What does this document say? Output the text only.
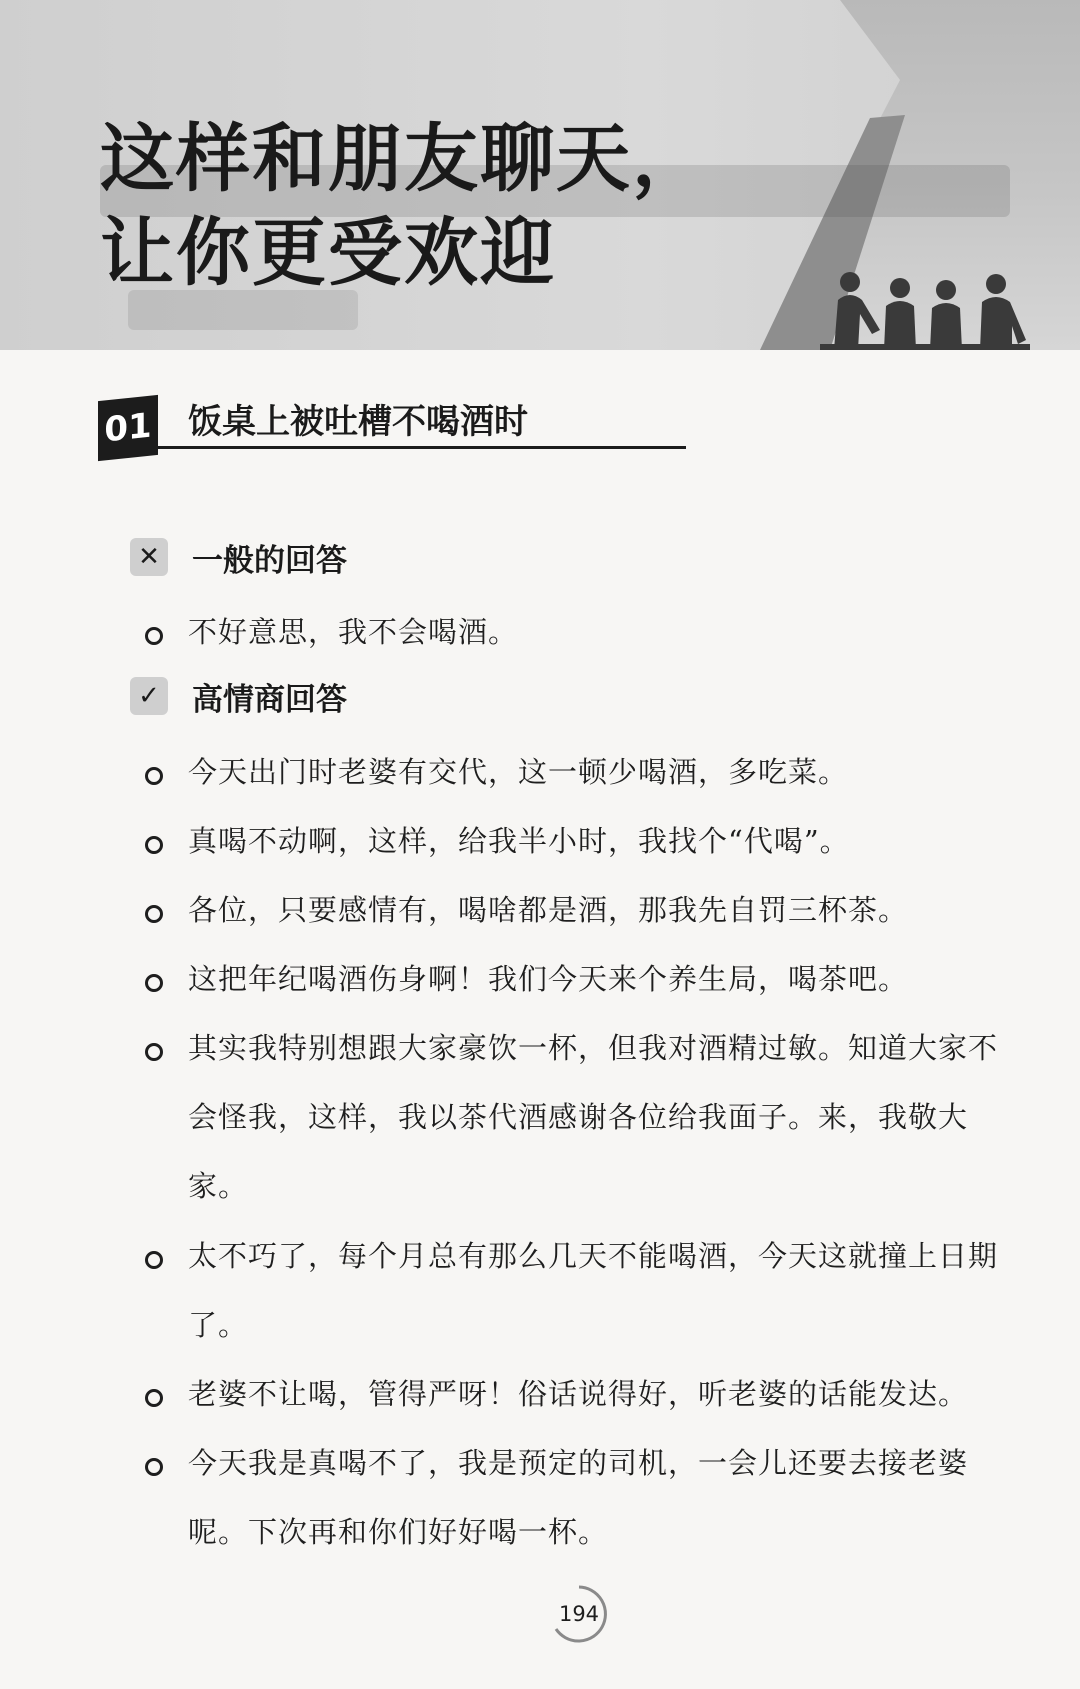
这样和朋友聊天，
让你更受欢迎
01 饭桌上被吐槽不喝酒时
✕ 一般的回答
不好意思，我不会喝酒。
✓ 高情商回答
今天出门时老婆有交代，这一顿少喝酒，多吃菜。
真喝不动啊，这样，给我半小时，我找个“代喝”。
各位，只要感情有，喝啥都是酒，那我先自罚三杯茶。
这把年纪喝酒伤身啊！我们今天来个养生局，喝茶吧。
其实我特别想跟大家豪饮一杯，但我对酒精过敏。知道大家不会怪我，这样，我以茶代酒感谢各位给我面子。来，我敬大家。
太不巧了，每个月总有那么几天不能喝酒，今天这就撞上日期了。
老婆不让喝，管得严呀！俗话说得好，听老婆的话能发达。
今天我是真喝不了，我是预定的司机，一会儿还要去接老婆呢。下次再和你们好好喝一杯。
194
